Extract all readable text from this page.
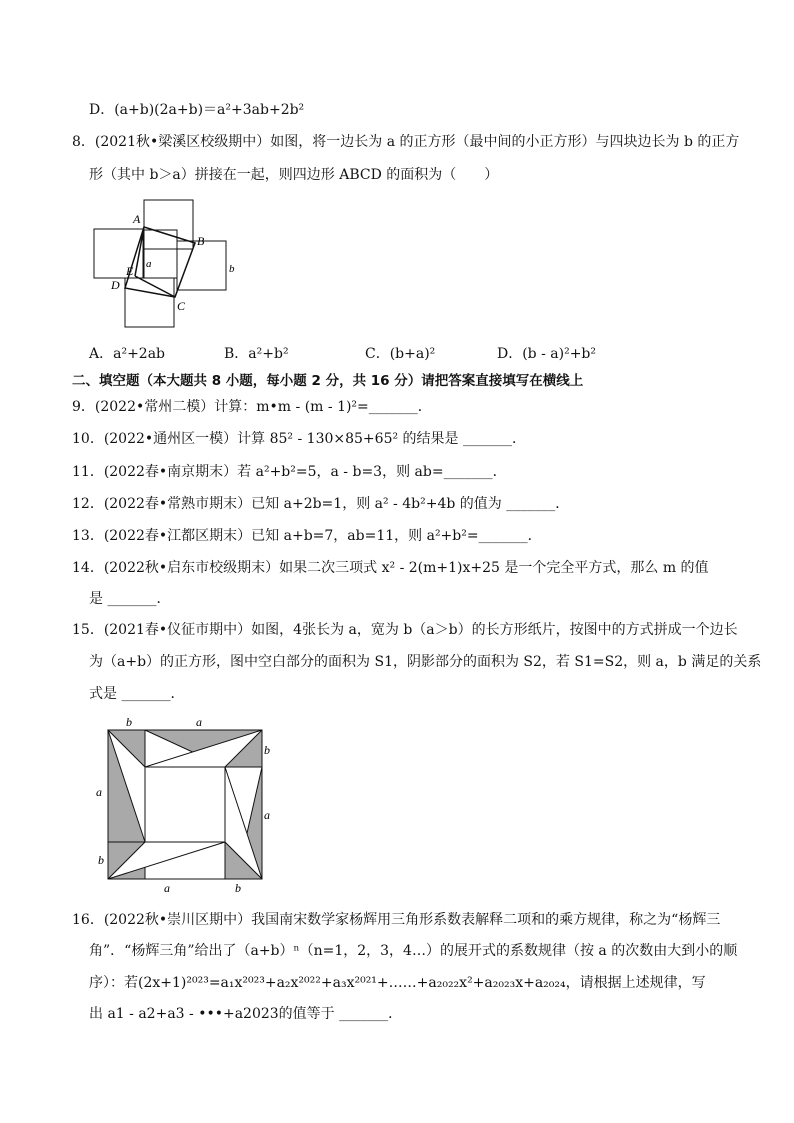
D．(a+b)(2a+b)＝a²+3ab+2b²
8．(2021秋•梁溪区校级期中）如图，将一边长为 a 的正方形（最中间的小正方形）与四块边长为 b 的正方
形（其中 b＞a）拼接在一起，则四边形 ABCD 的面积为（　　）
A
B
C
D
E a	b
A．a²+2ab	B．a²+b²	C．(b+a)²	D．(b - a)²+b²
二、填空题（本大题共 8 小题，每小题 2 分，共 16 分）请把答案直接填写在横线上
9．(2022•常州二模）计算：m•m - (m - 1)²=_______．
10．(2022•通州区一模）计算 85² - 130×85+65² 的结果是 _______．
11．(2022春•南京期末）若 a²+b²=5，a - b=3，则 ab=_______．
12．(2022春•常熟市期末）已知 a+2b=1，则 a² - 4b²+4b 的值为 _______．
13．(2022春•江都区期末）已知 a+b=7，ab=11，则 a²+b²=_______．
14．(2022秋•启东市校级期末）如果二次三项式 x² - 2(m+1)x+25 是一个完全平方式，那么 m 的值
是 _______．
15．(2021春•仪征市期中）如图，4张长为 a，宽为 b（a＞b）的长方形纸片，按图中的方式拼成一个边长
为（a+b）的正方形，图中空白部分的面积为 S1，阴影部分的面积为 S2，若 S1=S2，则 a，b 满足的关系
式是 _______．
b	a
b
a
a
b
a	b
16．(2022秋•崇川区期中）我国南宋数学家杨辉用三角形系数表解释二项和的乘方规律，称之为“杨辉三
角”．“杨辉三角”给出了（a+b）ⁿ（n=1，2，3，4…）的展开式的系数规律（按 a 的次数由大到小的顺
序）：若(2x+1)²⁰²³=a₁x²⁰²³+a₂x²⁰²²+a₃x²⁰²¹+……+a₂₀₂₂x²+a₂₀₂₃x+a₂₀₂₄，请根据上述规律，写
出 a1 - a2+a3 - •••+a2023的值等于 _______．
